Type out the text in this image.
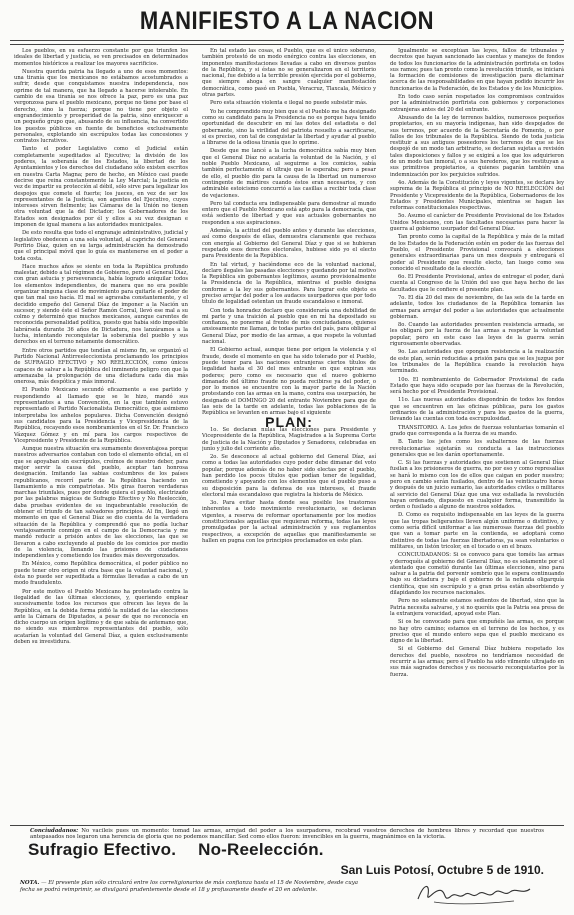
MANIFIESTO A LA NACION

Los pueblos, en su esfuerzo constante por que triunfen los ideales de libertad y justicia, se ven precisados en determinados momentos históricos a realizar los mayores sacrificios.

Nuestra querida patria ha llegado a uno de esos momentos: una tiranía que los mexicanos no estábamos acostumbrados a sufrir, desde que conquistamos nuestra independencia, nos oprime de tal manera, que ha llegado a hacerse intolerable. En cambio de esa tiranía se nos ofrece la paz, pero es una paz vergonzosa para el pueblo mexicano, porque no tiene por base el derecho, sino la fuerza; porque no tiene por objeto el engrandecimiento y prosperidad de la patria, sino enriquecer a un pequeño grupo que, abusando de su influencia, ha convertido los puestos públicos en fuente de beneficios exclusivamente personales, explotando sin escrúpulos todas las concesiones y contratos lucrativos.

Tanto el poder Legislativo como el Judicial están completamente supeditados al Ejecutivo; la división de los poderes, la soberanía de los Estados, la libertad de los Ayuntamientos y los derechos del ciudadano sólo existen escritos en nuestra Carta Magna; pero de hecho, en México casi puede decirse que reina constantemente la Ley Marcial; la justicia en vez de impartir su protección al débil, sólo sirve para legalizar los despojos que comete el fuerte; los jueces, en vez de ser los representantes de la Justicia, son agentes del Ejecutivo, cuyos intereses sirven fielmente; las Cámaras de la Unión no tienen otra voluntad que la del Dictador; los Gobernadores de los Estados son designados por él y ellos a su vez designan e imponen de igual manera a las autoridades municipales.

De esto resulta que todo el engranaje administrativo, judicial y legislativo obedecen a una sola voluntad, al capricho del General Porfirio Díaz, quien en su larga administración ha demostrado que el principal móvil que lo guía es mantenerse en el poder a toda costa.

Hace muchos años se siente en toda la República profundo malestar, debido a tal régimen de Gobierno, pero el General Díaz, con gran astucia y perseverancia, había logrado aniquilar todos los elementos independientes, de manera que no era posible organizar ninguna clase de movimiento para quitarle el poder de que tan mal uso hacía. El mal se agravaba constantemente, y el decidido empeño del General Díaz de imponer a la Nación un sucesor, y siendo éste el Señor Ramón Corral, llevó ese mal a su colmo y determinó que muchos mexicanos, aunque carentes de reconocida personalidad política, puesto que había sido imposible labrársela durante 36 años de Dictadura, nos lanzáramos a la lucha, intentando reconquistar la soberanía del pueblo y sus derechos en el terreno netamente democrático.

Entre otros partidos que tendían al mismo fin, se organizó el Partido Nacional Antirreeleccionista proclamando los principios de SUFRAGIO EFECTIVO y NO REELECCIÓN, como únicos capaces de salvar a la República del inminente peligro con que la amenazaba la prolongación de una dictadura cada día más onerosa, más despótica y más inmoral.

El Pueblo Mexicano secundó eficazmente a ese partido y respondiendo al llamado que se le hizo, mandó sus representantes a una Convención, en la que también estuvo representado el Partido Nacionalista Democrático, que asimismo interpretaba los anhelos populares. Dicha Convención designó sus candidatos para la Presidencia y Vicepresidencia de la República, recayendo esos nombramientos en el Sr. Dr. Francisco Vázquez Gómez y en mí para los cargos respectivos de Vicepresidente y Presidente de la República.

Aunque nuestra situación era sumamente desventajosa porque nuestros adversarios contaban con todo el elemento oficial, en el que se apoyaban sin escrúpulos, creímos de nuestro deber, para mejor servir la causa del pueblo, aceptar tan honrosa designación. Imitando las sabias costumbres de los países republicanos, recorrí parte de la República haciendo un llamamiento a mis compatriotas. Mis giras fueron verdaderas marchas triunfales, pues por donde quiera el pueblo, electrizado por las palabras mágicas de Sufragio Efectivo y No Reelección, daba pruebas evidentes de su inquebrantable resolución de obtener el triunfo de tan salvadores principios. Al fin, llegó un momento en que el General Díaz se dio cuenta de la verdadera situación de la República y comprendió que no podía luchar ventajosamente conmigo en el campo de la Democracia y me mandó reducir a prisión antes de las elecciones, las que se llevaron a cabo excluyendo al pueblo de los comicios por medio de la violencia, llenando las prisiones de ciudadanos independientes y cometiendo los fraudes más desvergonzados.

En México, como República democrática, el poder público no puede tener otro origen ni otra base que la voluntad nacional, y ésta no puede ser supeditada a fórmulas llevadas a cabo de un modo fraudulento.

Por este motivo el Pueblo Mexicano ha protestado contra la ilegalidad de las últimas elecciones, y, queriendo emplear sucesivamente todos los recursos que ofrecen las leyes de la República, en la debida forma pidió la nulidad de las elecciones ante la Cámara de Diputados, a pesar de que no reconocía en dicho cuerpo un origen legítimo y de que sabía de antemano que, no siendo sus miembros representantes del pueblo, sólo acatarían la voluntad del General Díaz, a quien exclusivamente deben su investidura.

En tal estado las cosas, el Pueblo, que es el único soberano, también protestó de un modo enérgico contra las elecciones, en imponentes manifestaciones llevadas a cabo en diversos puntos de la República, y si éstas no se generalizaron en el territorio nacional, fue debido a la terrible presión ejercida por el gobierno, que siempre ahoga en sangre cualquier manifestación democrática, como pasó en Puebla, Veracruz, Tlaxcala, México y otras partes.

Pero esta situación violenta e ilegal no puede subsistir más.

Yo he comprendido muy bien que si el Pueblo me ha designado como su candidato para la Presidencia no es porque haya tenido oportunidad de descubrir en mí las dotes del estadista o del gobernante, sino la virilidad del patriota resuelto a sacrificarse, si es preciso, con tal de conquistar la libertad y ayudar al pueblo a librarse de la odiosa tiranía que lo oprime.

Desde que me lancé a la lucha democrática sabía muy bien que el General Díaz no acataría la voluntad de la Nación, y el noble Pueblo Mexicano, al seguirme a los comicios, sabía también perfectamente el ultraje que le esperaba; pero a pesar de ello, el pueblo dio para la causa de la libertad un numeroso contingente de mártires cuando éstos eran necesarios, y con admirable estoicismo concurrió a las casillas a recibir toda clase de vejaciones.

Pero tal conducta era indispensable para demostrar al mundo entero que el Pueblo Mexicano está apto para la democracia, que está sediento de libertad y que sus actuales gobernantes no responden a sus aspiraciones.

Además, la actitud del pueblo antes y durante las elecciones, así como después de ellas, demuestra claramente que rechaza con energía al Gobierno del General Díaz y que si se hubieran respetado esos derechos electorales, hubiese sido yo el electo para Presidente de la República.

En tal virtud, y haciéndome eco de la voluntad nacional, declaro ilegales las pasadas elecciones y quedando por tal motivo la República sin gobernantes legítimos, asumo provisionalmente la Presidencia de la República, mientras el pueblo designa conforme a la ley sus gobernantes. Para lograr este objeto es preciso arrojar del poder a los audaces usurpadores que por todo título de legalidad ostentan un fraude escandaloso e inmoral.

Con toda honradez declaro que consideraría una debilidad de mi parte y una traición al pueblo que en mí ha depositado su confianza, no ponerme al frente de mis conciudadanos, quienes ansiosamente me llaman, de todas partes del país, para obligar al General Díaz, por medio de las armas, a que respete la voluntad nacional.

El Gobierno actual, aunque tiene por origen la violencia y el fraude, desde el momento en que ha sido tolerado por el Pueblo, puede tener para las naciones extranjeras ciertos títulos de legalidad hasta el 30 del mes entrante en que expiran sus poderes; pero como es necesario que el nuevo gobierno dimanado del último fraude no pueda recibirse ya del poder, o por lo menos se encuentre con la mayor parte de la Nación protestando con las armas en la mano, contra esa usurpación, he designado el DOMINGO 20 del entrante Noviembre para que de las seis de la tarde en adelante, todas las poblaciones de la República se levanten en armas bajo el siguiente

PLAN:

1o. Se declaran nulas las elecciones para Presidente y Vicepresidente de la República, Magistrados a la Suprema Corte de Justicia de la Nación y Diputados y Senadores, celebradas en junio y julio del corriente año.

2o. Se desconoce al actual gobierno del General Díaz, así como a todas las autoridades cuyo poder debe dimanar del voto popular, porque además de no haber sido electas por el pueblo, han perdido los pocos títulos que podían tener de legalidad, cometiendo y apoyando con los elementos que el pueblo puso a su disposición para la defensa de sus intereses, el fraude electoral más escandaloso que registra la historia de México.

3o. Para evitar hasta donde sea posible los trastornos inherentes a todo movimiento revolucionario, se declaran vigentes, a reserva de reformar oportunamente por los medios constitucionales aquellas que requieran reforma, todas las leyes promulgadas por la actual administración y sus reglamentos respectivos, a excepción de aquellas que manifiestamente se hallen en pugna con los principios proclamados en este plan.

Igualmente se exceptúan las leyes, fallos de tribunales y decretos que hayan sancionado las cuentas y manejos de fondos de todos los funcionarios de la administración porfirista en todos sus ramos; pues tan pronto como la revolución triunfe, se iniciará la formación de comisiones de investigación para dictaminar acerca de las responsabilidades en que hayan podido incurrir los funcionarios de la Federación, de los Estados y de los Municipios.

En todo caso serán respetados los compromisos contraídos por la administración porfirista con gobiernos y corporaciones extranjeras antes del 20 del entrante.

Abusando de la ley de terrenos baldíos, numerosos pequeños propietarios, en su mayoría indígenas, han sido despojados de sus terrenos, por acuerdo de la Secretaría de Fomento, o por fallos de los tribunales de la República. Siendo de toda justicia restituir a sus antiguos poseedores los terrenos de que se les despojó de un modo tan arbitrario, se declaran sujetas a revisión tales disposiciones y fallos y se exigirá a los que los adquirieron de un modo tan inmoral, o a sus herederos, que los restituyan a sus primitivos propietarios, a quienes pagarán también una indemnización por los perjuicios sufridos.

4o. Además de la Constitución y leyes vigentes, se declara ley suprema de la República el principio de NO REELECCIÓN del Presidente y Vicepresidente de la República, Gobernadores de los Estados y Presidentes Municipales, mientras se hagan las reformas constitucionales respectivas.

5o. Asumo el carácter de Presidente Provisional de los Estados Unidos Mexicanos, con las facultades necesarias para hacer la guerra al gobierno usurpador del General Díaz.

Tan pronto como la capital de la República y más de la mitad de los Estados de la Federación estén en poder de las fuerzas del Pueblo, el Presidente Provisional convocará a elecciones generales extraordinarias para un mes después y entregará el poder al Presidente que resulte electo, tan luego como sea conocido el resultado de la elección.

6o. El Presidente Provisional, antes de entregar el poder, dará cuenta al Congreso de la Unión del uso que haya hecho de las facultades que le confiere el presente plan.

7o. El día 20 del mes de noviembre, de las seis de la tarde en adelante, todos los ciudadanos de la República tomarán las armas para arrojar del poder a las autoridades que actualmente gobiernan.

8o. Cuando las autoridades presenten resistencia armada, se les obligará por la fuerza de las armas a respetar la voluntad popular, pero en este caso las leyes de la guerra serán rigurosamente observadas.

9o. Las autoridades que opongan resistencia a la realización de este plan, serán reducidas a prisión para que se les juzgue por los tribunales de la República cuando la revolución haya terminado.

10o. El nombramiento de Gobernador Provisional de cada Estado que haya sido ocupado por las fuerzas de la Revolución, será hecho por el Presidente Provisional.

11o. Las nuevas autoridades dispondrán de todos los fondos que se encuentren en las oficinas públicas, para los gastos ordinarios de la administración y para los gastos de la guerra, llevando las cuentas con toda escrupulosidad.

TRANSITORIO. A. Los jefes de fuerzas voluntarias tomarán el grado que corresponda a la fuerza de su mando.

B. Tanto los jefes como los subalternos de las fuerzas revolucionarias sujetarán su conducta a las instrucciones generales que se les darán oportunamente.

C. Si las fuerzas y autoridades que sostienen al General Díaz fusilan a los prisioneros de guerra, no por eso y como represalias se hará lo mismo con los de ellos que caigan en poder nuestro; pero en cambio serán fusilados, dentro de las veinticuatro horas y después de un juicio sumario, las autoridades civiles o militares al servicio del General Díaz que una vez estallada la revolución hayan ordenado, dispuesto en cualquier forma, transmitido la orden o fusilado a alguno de nuestros soldados.

D. Como es requisito indispensable en las leyes de la guerra que las tropas beligerantes lleven algún uniforme o distintivo, y como sería difícil uniformar a las numerosas fuerzas del pueblo que van a tomar parte en la contienda, se adoptará como distintivo de todas las fuerzas libertadoras, ya sean voluntarios o militares, un listón tricolor, en el tocado o en el brazo.

CONCIUDADANOS: Si os convoco para que toméis las armas y derroquéis al gobierno del General Díaz, no es solamente por el atentado que cometió durante las últimas elecciones, sino para salvar a la patria del porvenir sombrío que le espera continuando bajo su dictadura y bajo el gobierno de la nefanda oligarquía científica, que sin escrúpulo y a gran prisa están absorbiendo y dilapidando los recursos nacionales.

Pero no solamente estamos sedientos de libertad, sino que la Patria necesita salvarse, y si no queréis que la Patria sea presa de la extranjera voracidad, apoyad este Plan.

Si os he convocado para que empuñéis las armas, es porque no hay otro camino; estamos en el terreno de los hechos, y es preciso que el mundo entero sepa que el pueblo mexicano es digno de la libertad.

Si el Gobierno del General Díaz hubiera respetado los derechos del pueblo, nosotros no tendríamos necesidad de recurrir a las armas; pero el Pueblo ha sido vilmente ultrajado en sus más sagrados derechos y es necesario reconquistarlos por la fuerza.

Conciudadanos: No vacileis pues un momento: tomad las armas, arrojad del poder a los usurpadores, recobrad vuestros derechos de hombres libres y recordad que nuestros antepasados nos legaron una herencia de gloria que no podemos mancillar. Sed como ellos fueron: invencibles en la guerra, magnánimos en la victoria.
Sufragio Efectivo. No-Reelección.
San Luis Potosí, Octubre 5 de 1910.
NOTA. — El presente plan sólo circulará entre los correligionarios de más confianza hasta el 15 de Noviembre, desde cuya fecha se podrá reimprimir, se divulgará prudentemente desde el 18 y profusamente desde el 20 en adelante.
